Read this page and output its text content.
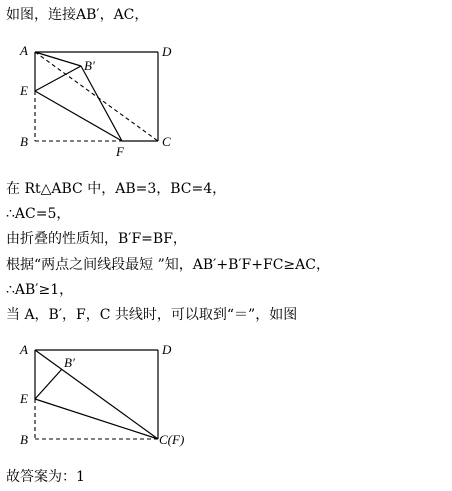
如图，连接AB′，AC，
A	D
E
B′
B
F
C
在 Rt△ABC 中，AB=3，BC=4，
∴AC=5，
由折叠的性质知，B′F=BF，
根据“两点之间线段最短 ”知，AB′+B′F+FC≥AC，
∴AB′≥1，
当 A，B′，F，C 共线时，可以取到“＝”，如图
A	D
B′
E
B	C(F)
故答案为：1
